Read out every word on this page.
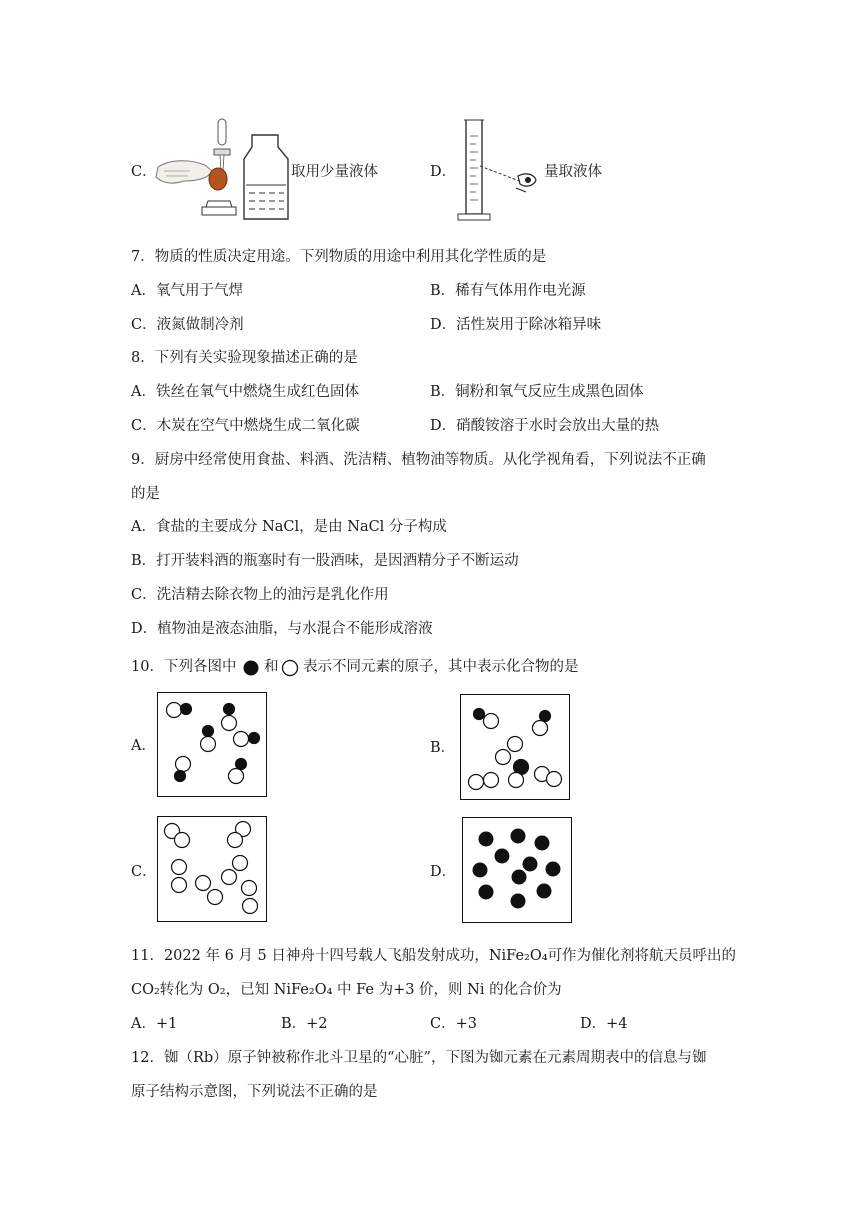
C．	取用少量液体	D．	量取液体
7．物质的性质决定用途。下列物质的用途中利用其化学性质的是
A．氧气用于气焊	B．稀有气体用作电光源
C．液氮做制冷剂	D．活性炭用于除冰箱异味
8．下列有关实验现象描述正确的是
A．铁丝在氧气中燃烧生成红色固体	B．铜粉和氧气反应生成黑色固体
C．木炭在空气中燃烧生成二氧化碳	D．硝酸铵溶于水时会放出大量的热
9．厨房中经常使用食盐、料酒、洗洁精、植物油等物质。从化学视角看，下列说法不正确
的是
A．食盐的主要成分 NaCl，是由 NaCl 分子构成
B．打开装料酒的瓶塞时有一股酒味，是因酒精分子不断运动
C．洗洁精去除衣物上的油污是乳化作用
D．植物油是液态油脂，与水混合不能形成溶液
10．下列各图中 和 表示不同元素的原子，其中表示化合物的是
A．	B．
C．	D．
11．2022 年 6 月 5 日神舟十四号载人飞船发射成功，NiFe₂O₄可作为催化剂将航天员呼出的
CO₂转化为 O₂，已知 NiFe₂O₄ 中 Fe 为+3 价，则 Ni 的化合价为
A．+1	B．+2	C．+3	D．+4
12．铷（Rb）原子钟被称作北斗卫星的“心脏”，下图为铷元素在元素周期表中的信息与铷
原子结构示意图，下列说法不正确的是
